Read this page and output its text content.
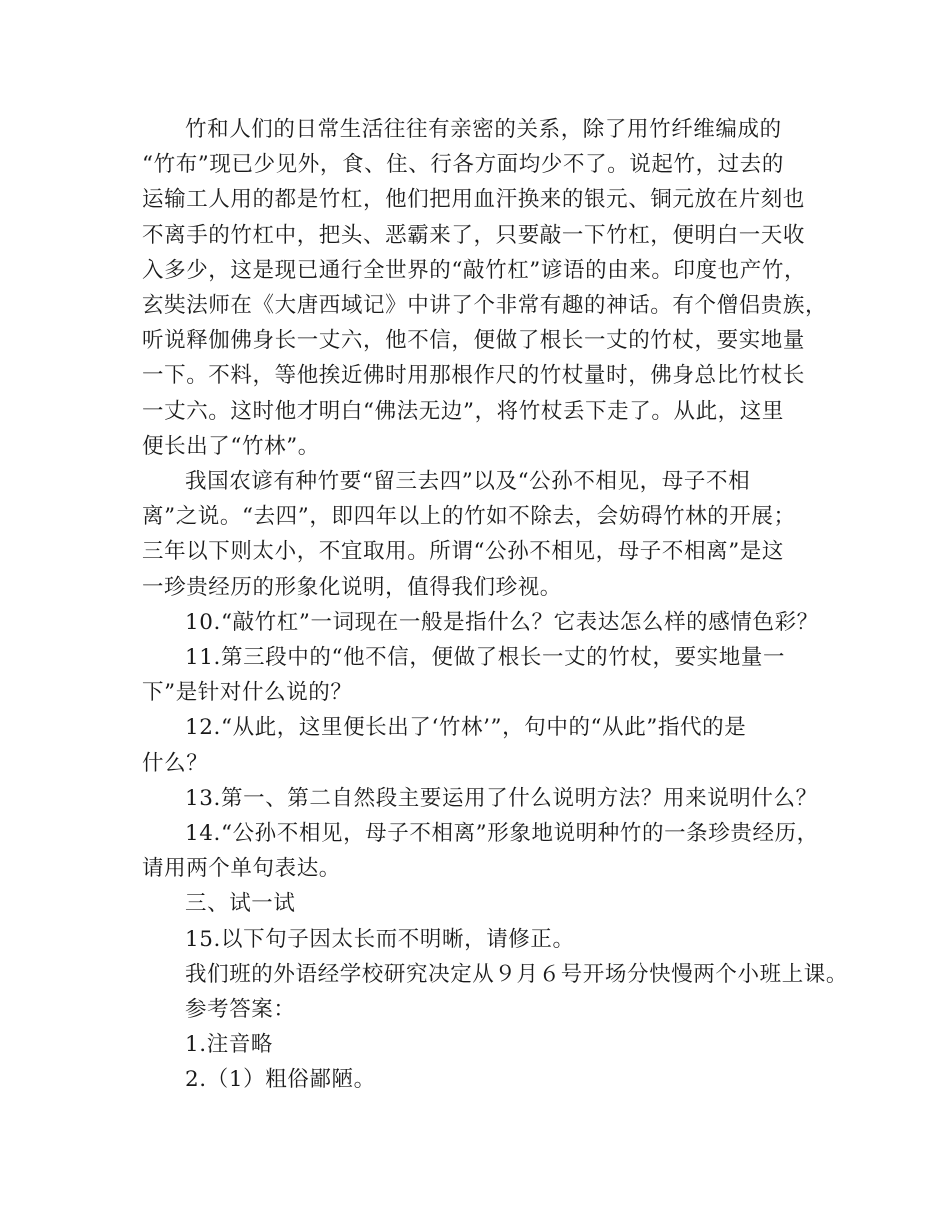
竹和人们的日常生活往往有亲密的关系，除了用竹纤维编成的
“竹布”现已少见外，食、住、行各方面均少不了。说起竹，过去的
运输工人用的都是竹杠，他们把用血汗换来的银元、铜元放在片刻也
不离手的竹杠中，把头、恶霸来了，只要敲一下竹杠，便明白一天收
入多少，这是现已通行全世界的“敲竹杠”谚语的由来。印度也产竹，
玄奘法师在《大唐西域记》中讲了个非常有趣的神话。有个僧侣贵族，
听说释伽佛身长一丈六，他不信，便做了根长一丈的竹杖，要实地量
一下。不料，等他挨近佛时用那根作尺的竹杖量时，佛身总比竹杖长
一丈六。这时他才明白“佛法无边”，将竹杖丢下走了。从此，这里
便长出了“竹林”。

我国农谚有种竹要“留三去四”以及“公孙不相见，母子不相
离”之说。“去四”，即四年以上的竹如不除去，会妨碍竹林的开展；
三年以下则太小，不宜取用。所谓“公孙不相见，母子不相离”是这
一珍贵经历的形象化说明，值得我们珍视。

10.“敲竹杠”一词现在一般是指什么？它表达怎么样的感情色彩？

11.第三段中的“他不信，便做了根长一丈的竹杖，要实地量一
下”是针对什么说的？

12.“从此，这里便长出了‘竹林’”，句中的“从此”指代的是
什么？

13.第一、第二自然段主要运用了什么说明方法？用来说明什么？

14.“公孙不相见，母子不相离”形象地说明种竹的一条珍贵经历，
请用两个单句表达。

三、试一试

15.以下句子因太长而不明晰，请修正。

我们班的外语经学校研究决定从９月６号开场分快慢两个小班上课。

参考答案：

1.注音略

2.（1）粗俗鄙陋。
